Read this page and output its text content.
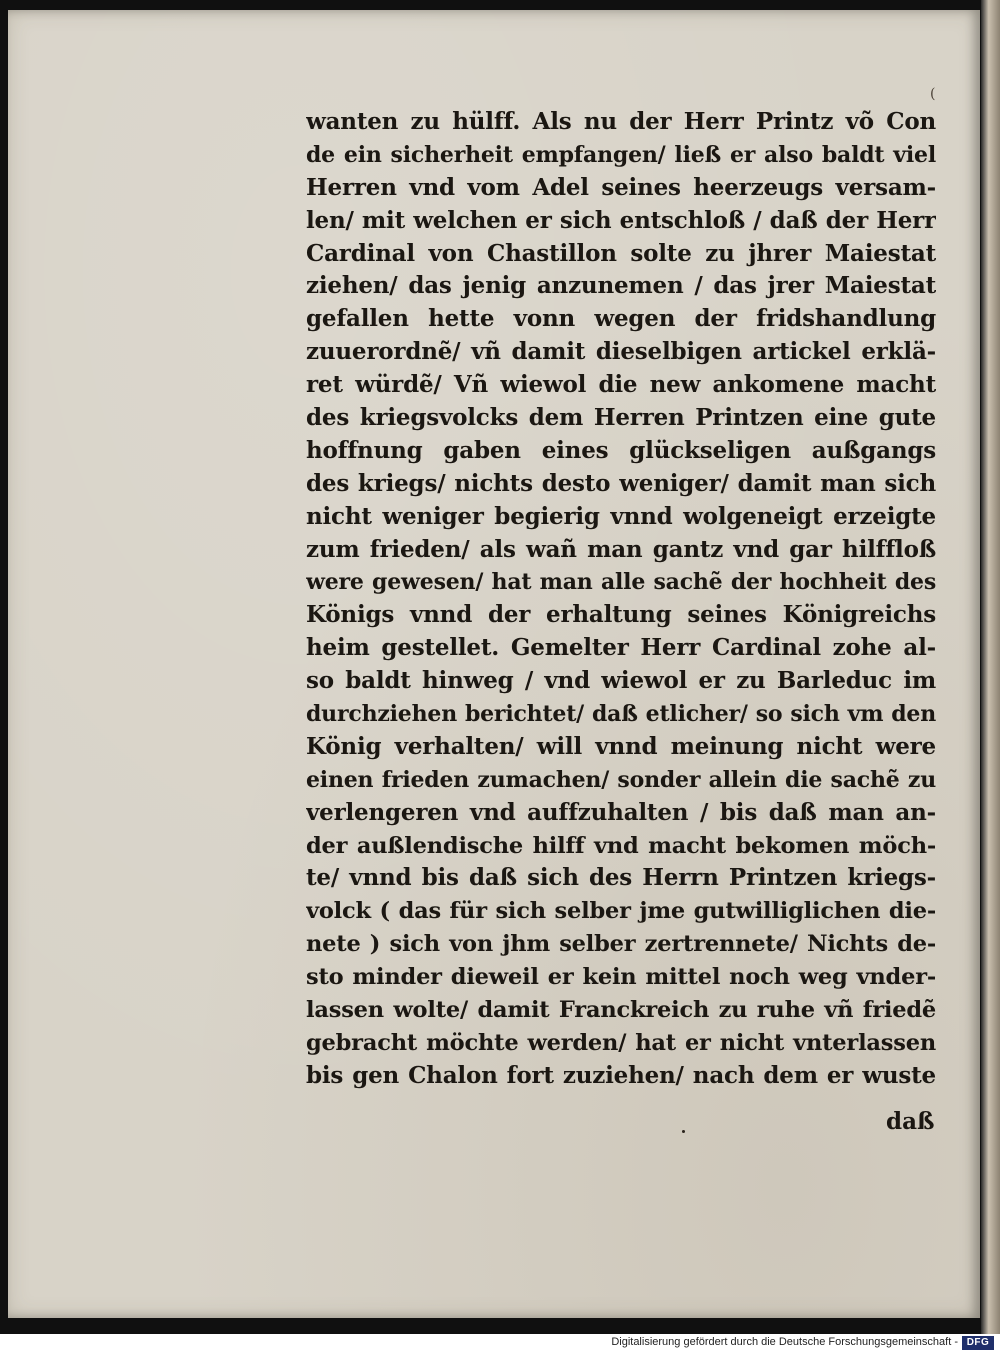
(
wanten zu hülff. Als nu der Herr Printz võ Con
de ein sicherheit empfangen/ ließ er also baldt viel
Herren vnd vom Adel seines heerzeugs versam-
len/ mit welchen er sich entschloß / daß der Herr
Cardinal von Chastillon solte zu jhrer Maiestat
ziehen/ das jenig anzunemen / das jrer Maiestat
gefallen hette vonn wegen der fridshandlung
zuuerordnẽ/ vñ damit dieselbigen artickel erklä-
ret würdẽ/ Vñ wiewol die new ankomene macht
des kriegsvolcks dem Herren Printzen eine gute
hoffnung gaben eines glückseligen außgangs
des kriegs/ nichts desto weniger/ damit man sich
nicht weniger begierig vnnd wolgeneigt erzeigte
zum frieden/ als wañ man gantz vnd gar hilffloß
were gewesen/ hat man alle sachẽ der hochheit des
Königs vnnd der erhaltung seines Königreichs
heim gestellet. Gemelter Herr Cardinal zohe al-
so baldt hinweg / vnd wiewol er zu Barleduc im
durchziehen berichtet/ daß etlicher/ so sich vm den
König verhalten/ will vnnd meinung nicht were
einen frieden zumachen/ sonder allein die sachẽ zu
verlengeren vnd auffzuhalten / bis daß man an-
der außlendische hilff vnd macht bekomen möch-
te/ vnnd bis daß sich des Herrn Printzen kriegs-
volck ( das für sich selber jme gutwilliglichen die-
nete ) sich von jhm selber zertrennete/ Nichts de-
sto minder dieweil er kein mittel noch weg vnder-
lassen wolte/ damit Franckreich zu ruhe vñ friedẽ
gebracht möchte werden/ hat er nicht vnterlassen
bis gen Chalon fort zuziehen/ nach dem er wuste
daß
Digitalisierung gefördert durch die Deutsche Forschungsgemeinschaft - DFG
